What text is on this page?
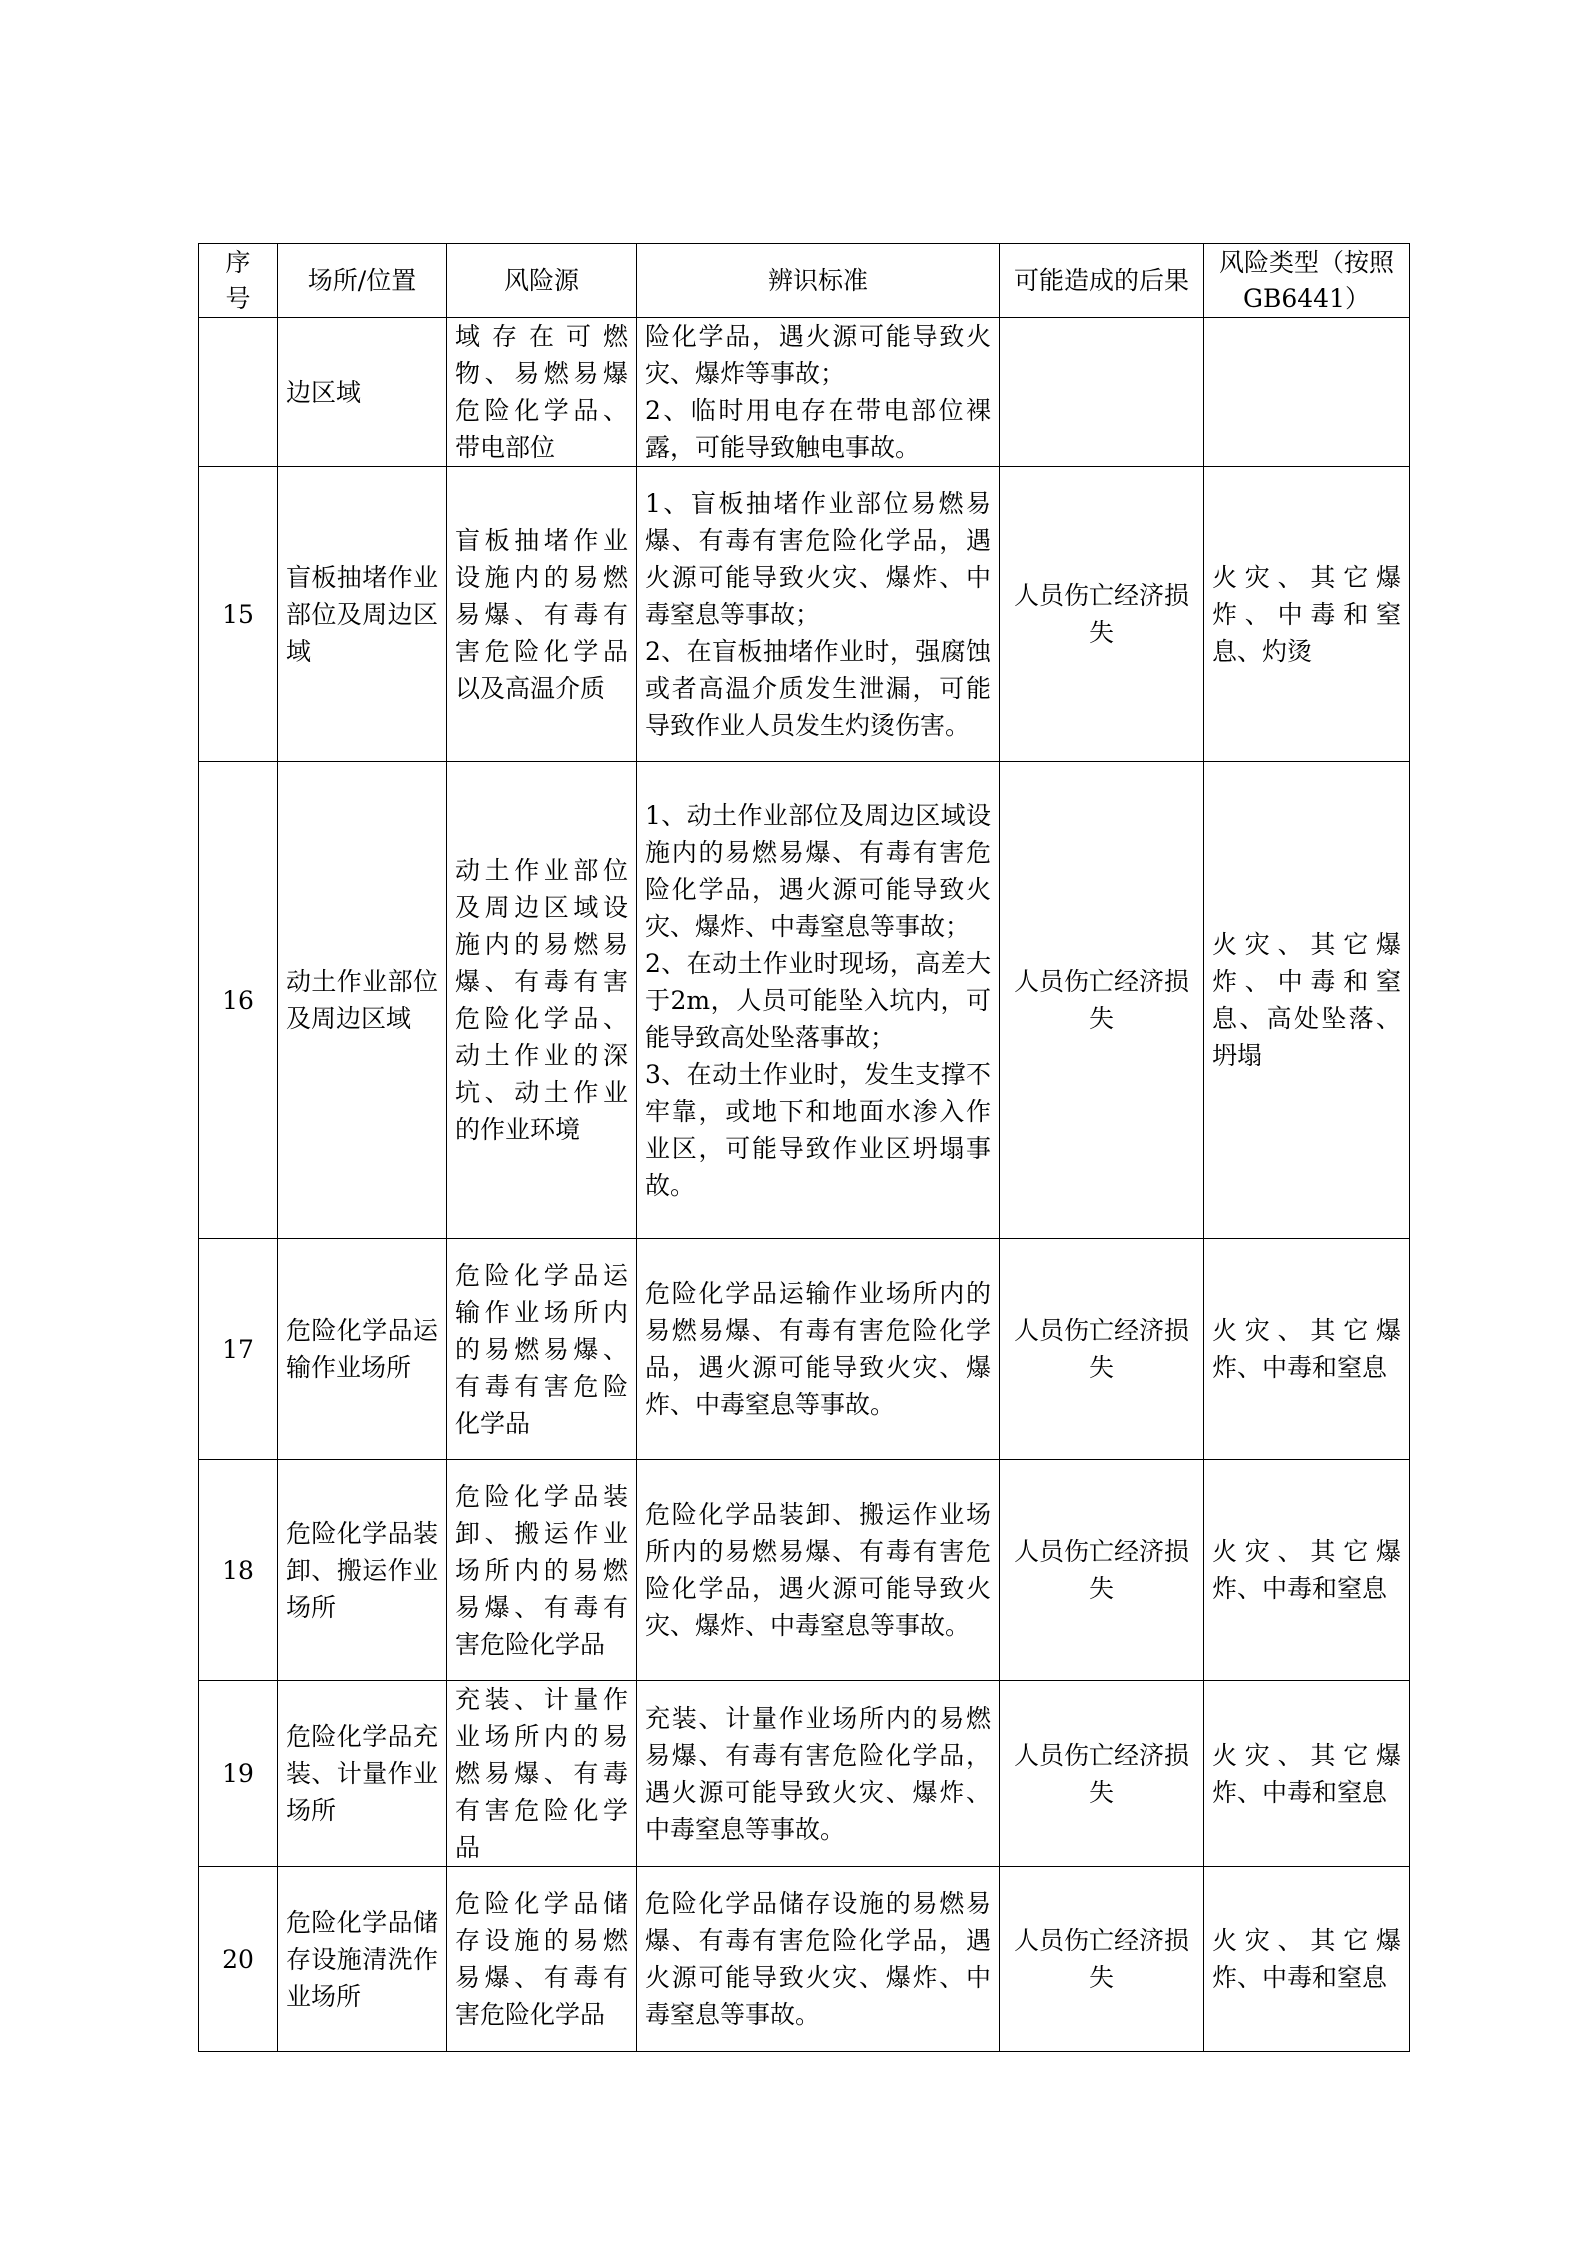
序号	场所/位置	风险源	辨识标准	可能造成的后果	风险类型（按照GB6441）
	边区域	域存在可燃物、易燃易爆危险化学品、带电部位	险化学品，遇火源可能导致火灾、爆炸等事故；
2、临时用电存在带电部位裸露，可能导致触电事故。		

15	盲板抽堵作业部位及周边区域	盲板抽堵作业设施内的易燃易爆、有毒有害危险化学品以及高温介质	1、盲板抽堵作业部位易燃易爆、有毒有害危险化学品，遇火源可能导致火灾、爆炸、中毒窒息等事故；
2、在盲板抽堵作业时，强腐蚀或者高温介质发生泄漏，可能导致作业人员发生灼烫伤害。	人员伤亡经济损失	火灾、其它爆炸、中毒和窒息、灼烫
16	动土作业部位及周边区域	动土作业部位及周边区域设施内的易燃易爆、有毒有害危险化学品、动土作业的深坑、动土作业的作业环境	1、动土作业部位及周边区域设施内的易燃易爆、有毒有害危险化学品，遇火源可能导致火灾、爆炸、中毒窒息等事故；
2、在动土作业时现场，高差大于2m，人员可能坠入坑内，可能导致高处坠落事故；
3、在动土作业时，发生支撑不牢靠，或地下和地面水渗入作业区，可能导致作业区坍塌事故。	人员伤亡经济损失	火灾、其它爆炸、中毒和窒息、高处坠落、坍塌
17	危险化学品运输作业场所	危险化学品运输作业场所内的易燃易爆、有毒有害危险化学品	危险化学品运输作业场所内的易燃易爆、有毒有害危险化学品，遇火源可能导致火灾、爆炸、中毒窒息等事故。	人员伤亡经济损失	火灾、其它爆炸、中毒和窒息
18	危险化学品装卸、搬运作业场所	危险化学品装卸、搬运作业场所内的易燃易爆、有毒有害危险化学品	危险化学品装卸、搬运作业场所内的易燃易爆、有毒有害危险化学品，遇火源可能导致火灾、爆炸、中毒窒息等事故。	人员伤亡经济损失	火灾、其它爆炸、中毒和窒息
19	危险化学品充装、计量作业场所	充装、计量作业场所内的易燃易爆、有毒有害危险化学品	充装、计量作业场所内的易燃易爆、有毒有害危险化学品，遇火源可能导致火灾、爆炸、中毒窒息等事故。	人员伤亡经济损失	火灾、其它爆炸、中毒和窒息
20	危险化学品储存设施清洗作业场所	危险化学品储存设施的易燃易爆、有毒有害危险化学品	危险化学品储存设施的易燃易爆、有毒有害危险化学品，遇火源可能导致火灾、爆炸、中毒窒息等事故。	人员伤亡经济损失	火灾、其它爆炸、中毒和窒息
